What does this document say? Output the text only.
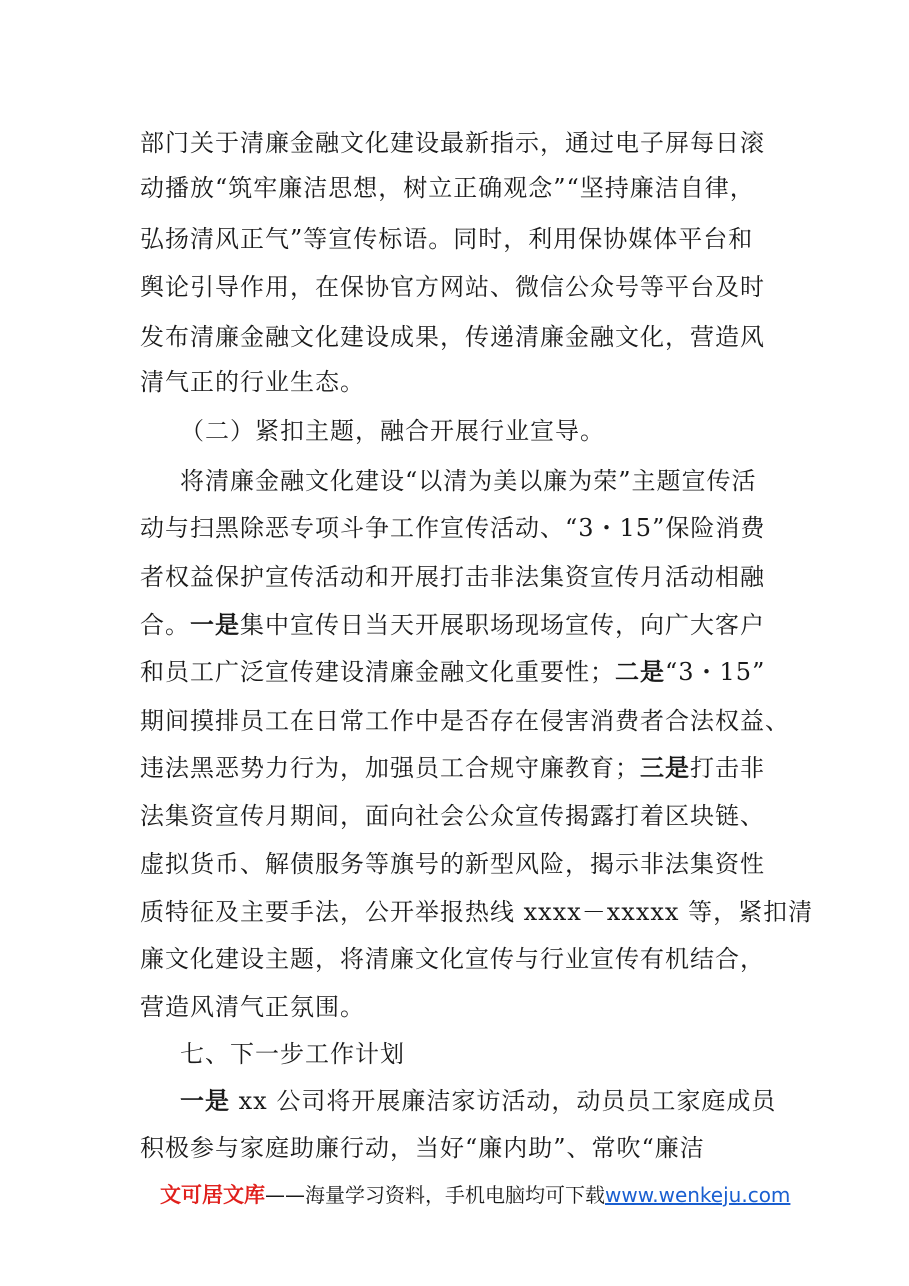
部门关于清廉金融文化建设最新指示，通过电子屏每日滚
动播放“筑牢廉洁思想，树立正确观念”“坚持廉洁自律，
弘扬清风正气”等宣传标语。同时，利用保协媒体平台和
舆论引导作用，在保协官方网站、微信公众号等平台及时
发布清廉金融文化建设成果，传递清廉金融文化，营造风
清气正的行业生态。
（二）紧扣主题，融合开展行业宣导。
将清廉金融文化建设“以清为美以廉为荣”主题宣传活
动与扫黑除恶专项斗争工作宣传活动、“3・15”保险消费
者权益保护宣传活动和开展打击非法集资宣传月活动相融
合。一是集中宣传日当天开展职场现场宣传，向广大客户
和员工广泛宣传建设清廉金融文化重要性；二是“3・15”
期间摸排员工在日常工作中是否存在侵害消费者合法权益、
违法黑恶势力行为，加强员工合规守廉教育；三是打击非
法集资宣传月期间，面向社会公众宣传揭露打着区块链、
虚拟货币、解债服务等旗号的新型风险，揭示非法集资性
质特征及主要手法，公开举报热线 xxxx－xxxxx 等，紧扣清
廉文化建设主题，将清廉文化宣传与行业宣传有机结合，
营造风清气正氛围。
七、下一步工作计划
一是 xx 公司将开展廉洁家访活动，动员员工家庭成员
积极参与家庭助廉行动，当好“廉内助”、常吹“廉洁
文可居文库——海量学习资料，手机电脑均可下载www.wenkeju.com
